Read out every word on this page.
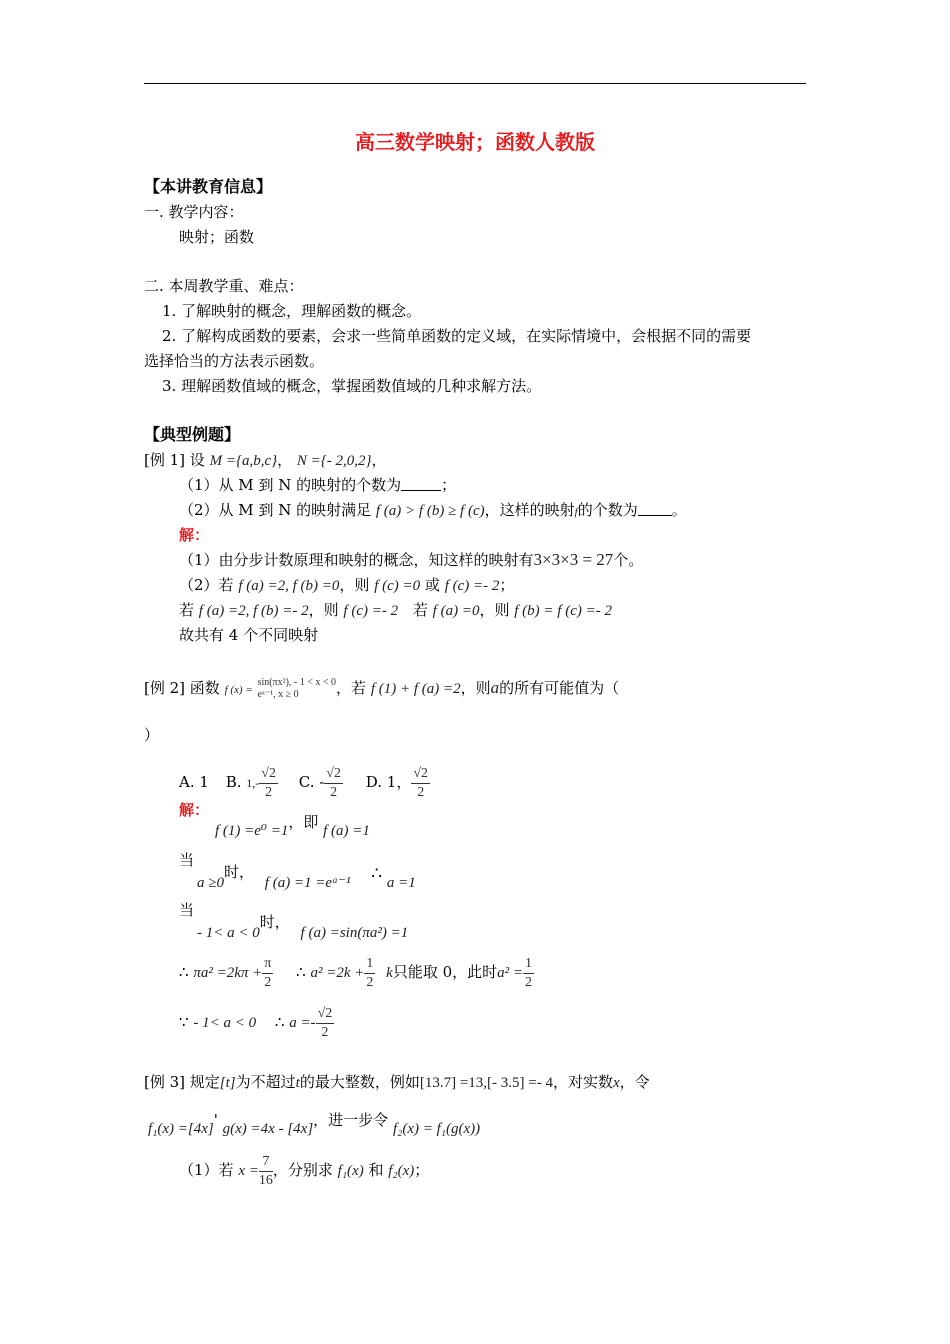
高三数学映射；函数人教版
【本讲教育信息】
一. 教学内容：
映射；函数
二. 本周教学重、难点：
1. 了解映射的概念，理解函数的概念。
2. 了解构成函数的要素，会求一些简单函数的定义域，在实际情境中，会根据不同的需要
选择恰当的方法表示函数。
3. 理解函数值域的概念，掌握函数值域的几种求解方法。
【典型例题】
[例 1] 设 M ={a,b,c}， N ={- 2,0,2}，
（1）从 M 到 N 的映射的个数为	；
（2）从 M 到 N 的映射满足 f (a) > f (b) ≥ f (c)，这样的映射f的个数为 。
解：
（1）由分步计数原理和映射的概念，知这样的映射有3×3×3 = 27个。
（2）若 f (a) =2, f (b) =0，则 f (c) =0 或 f (c) =- 2；
若 f (a) =2, f (b) =- 2，则 f (c) =- 2 若 f (a) =0，则 f (b) = f (c) =- 2
故共有 4 个不同映射
[例 2] 函数 f (x) =
sin(πx²), - 1 < x < 0
eˣ⁻¹, x ≥ 0	，若 f (1) + f (a) =2，则a的所有可能值为（
）
A. 1 B. $1,- \frac{√2}{2} C$. - $\frac{√2}{2} D$. 1， $\frac{√2}{2}$
解：
f (1) =e⁰ =1，即 f (a) =1
当
a ≥0时， f (a) =1 =eᵃ⁻¹ ∴ a =1
当
- 1< a < 0时， f (a) =sin(πa²) =1
∴ $\pi a^2 =2k\pi + \frac{\pi}{2}$ ∴ $a^2 =2k + \frac{1}{2}$ k只能取 0，此时$a^2 = \frac{1}{2}$
∵ - 1< a < 0 ∴ $a =- \frac{√2}{2}$
[例 3] 规定[t]为不超过t的最大整数，例如[13.7] =13,[- 3.5] =- 4，对实数x，令
f₁(x) =[4x]' g(x) =4x - [4x]，进一步令 f₂(x) = f₁(g(x))
（1）若 $x = \frac{7}{16}$ ，分别求 f₁(x) 和 f₂(x)；
